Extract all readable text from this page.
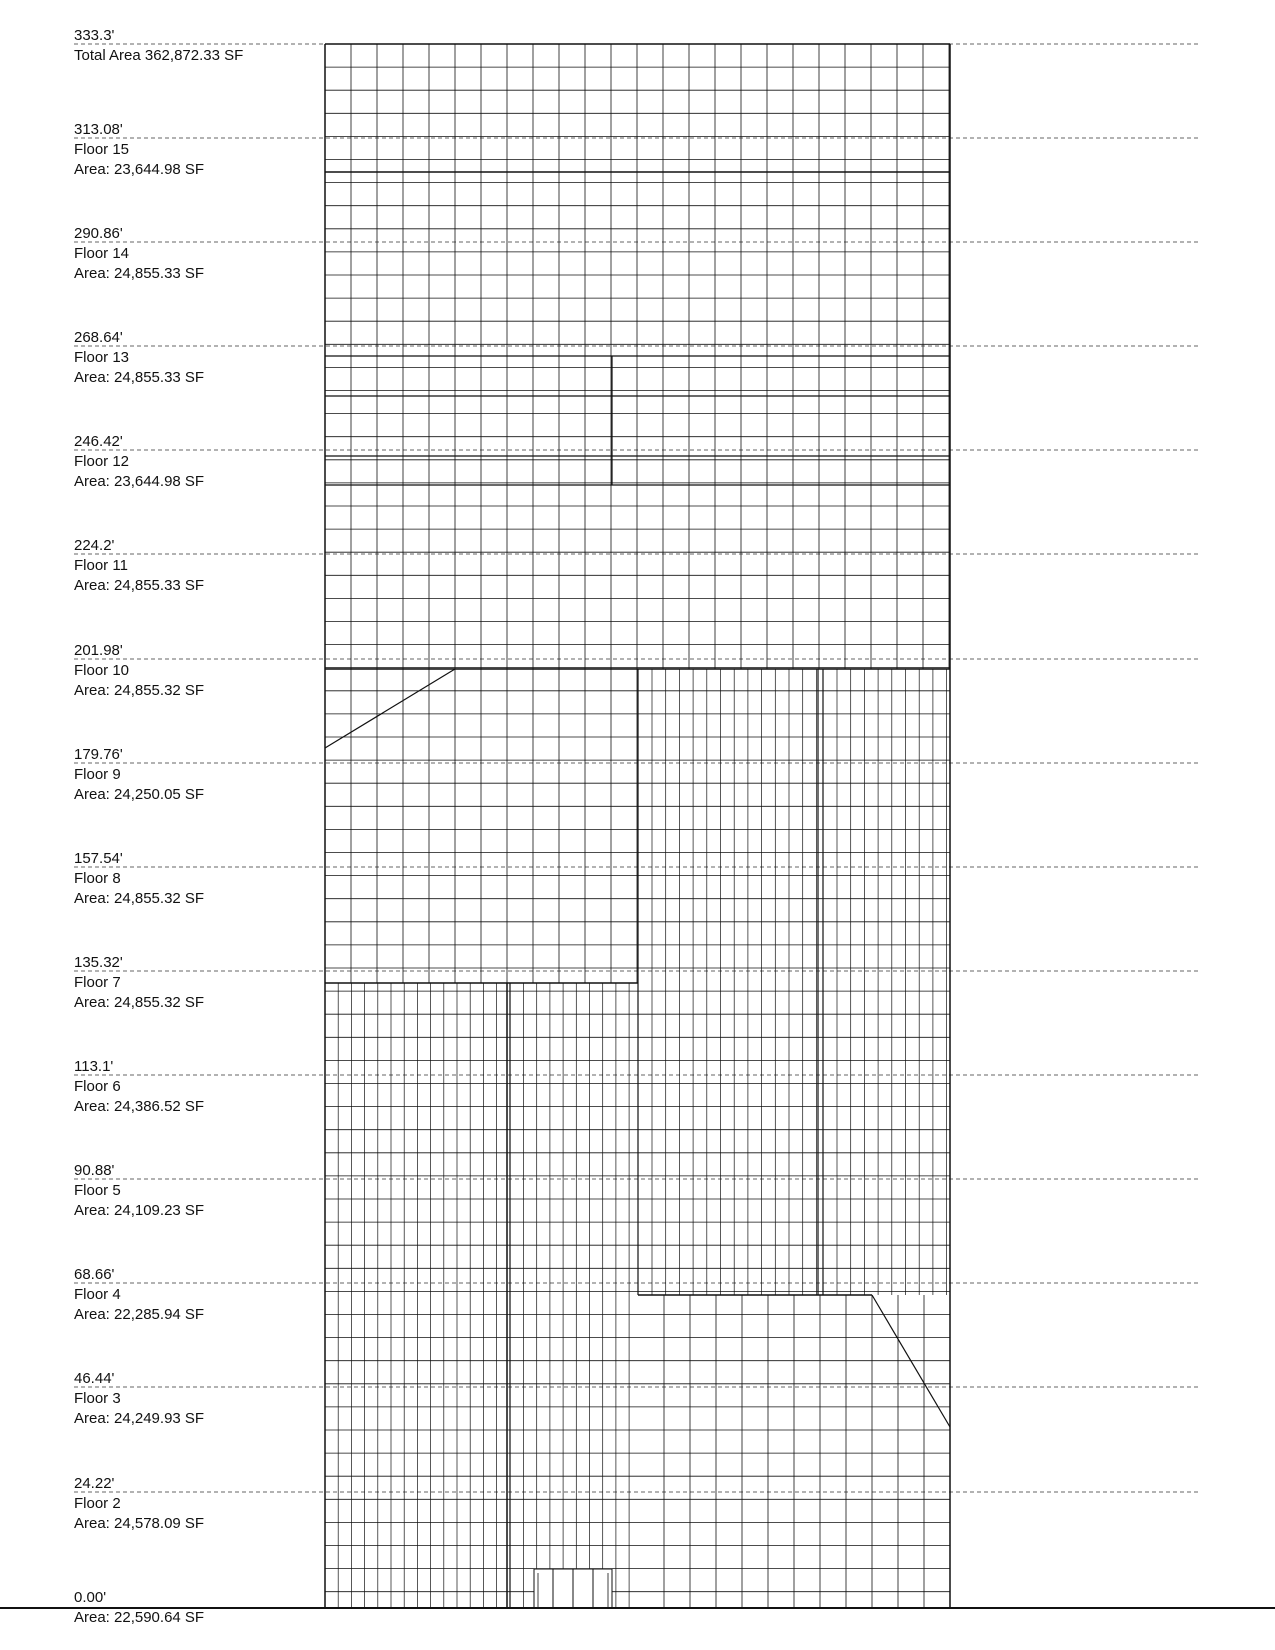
333.3'
Total Area 362,872.33 SF
313.08'
Floor 15
Area: 23,644.98 SF
290.86'
Floor 14
Area: 24,855.33 SF
268.64'
Floor 13
Area: 24,855.33 SF
246.42'
Floor 12
Area: 23,644.98 SF
224.2'
Floor 11
Area: 24,855.33 SF
201.98'
Floor 10
Area: 24,855.32 SF
179.76'
Floor 9
Area: 24,250.05 SF
157.54'
Floor 8
Area: 24,855.32 SF
135.32'
Floor 7
Area: 24,855.32 SF
113.1'
Floor 6
Area: 24,386.52 SF
90.88'
Floor 5
Area: 24,109.23 SF
68.66'
Floor 4
Area: 22,285.94 SF
46.44'
Floor 3
Area: 24,249.93 SF
24.22'
Floor 2
Area: 24,578.09 SF
0.00'
Area: 22,590.64 SF
